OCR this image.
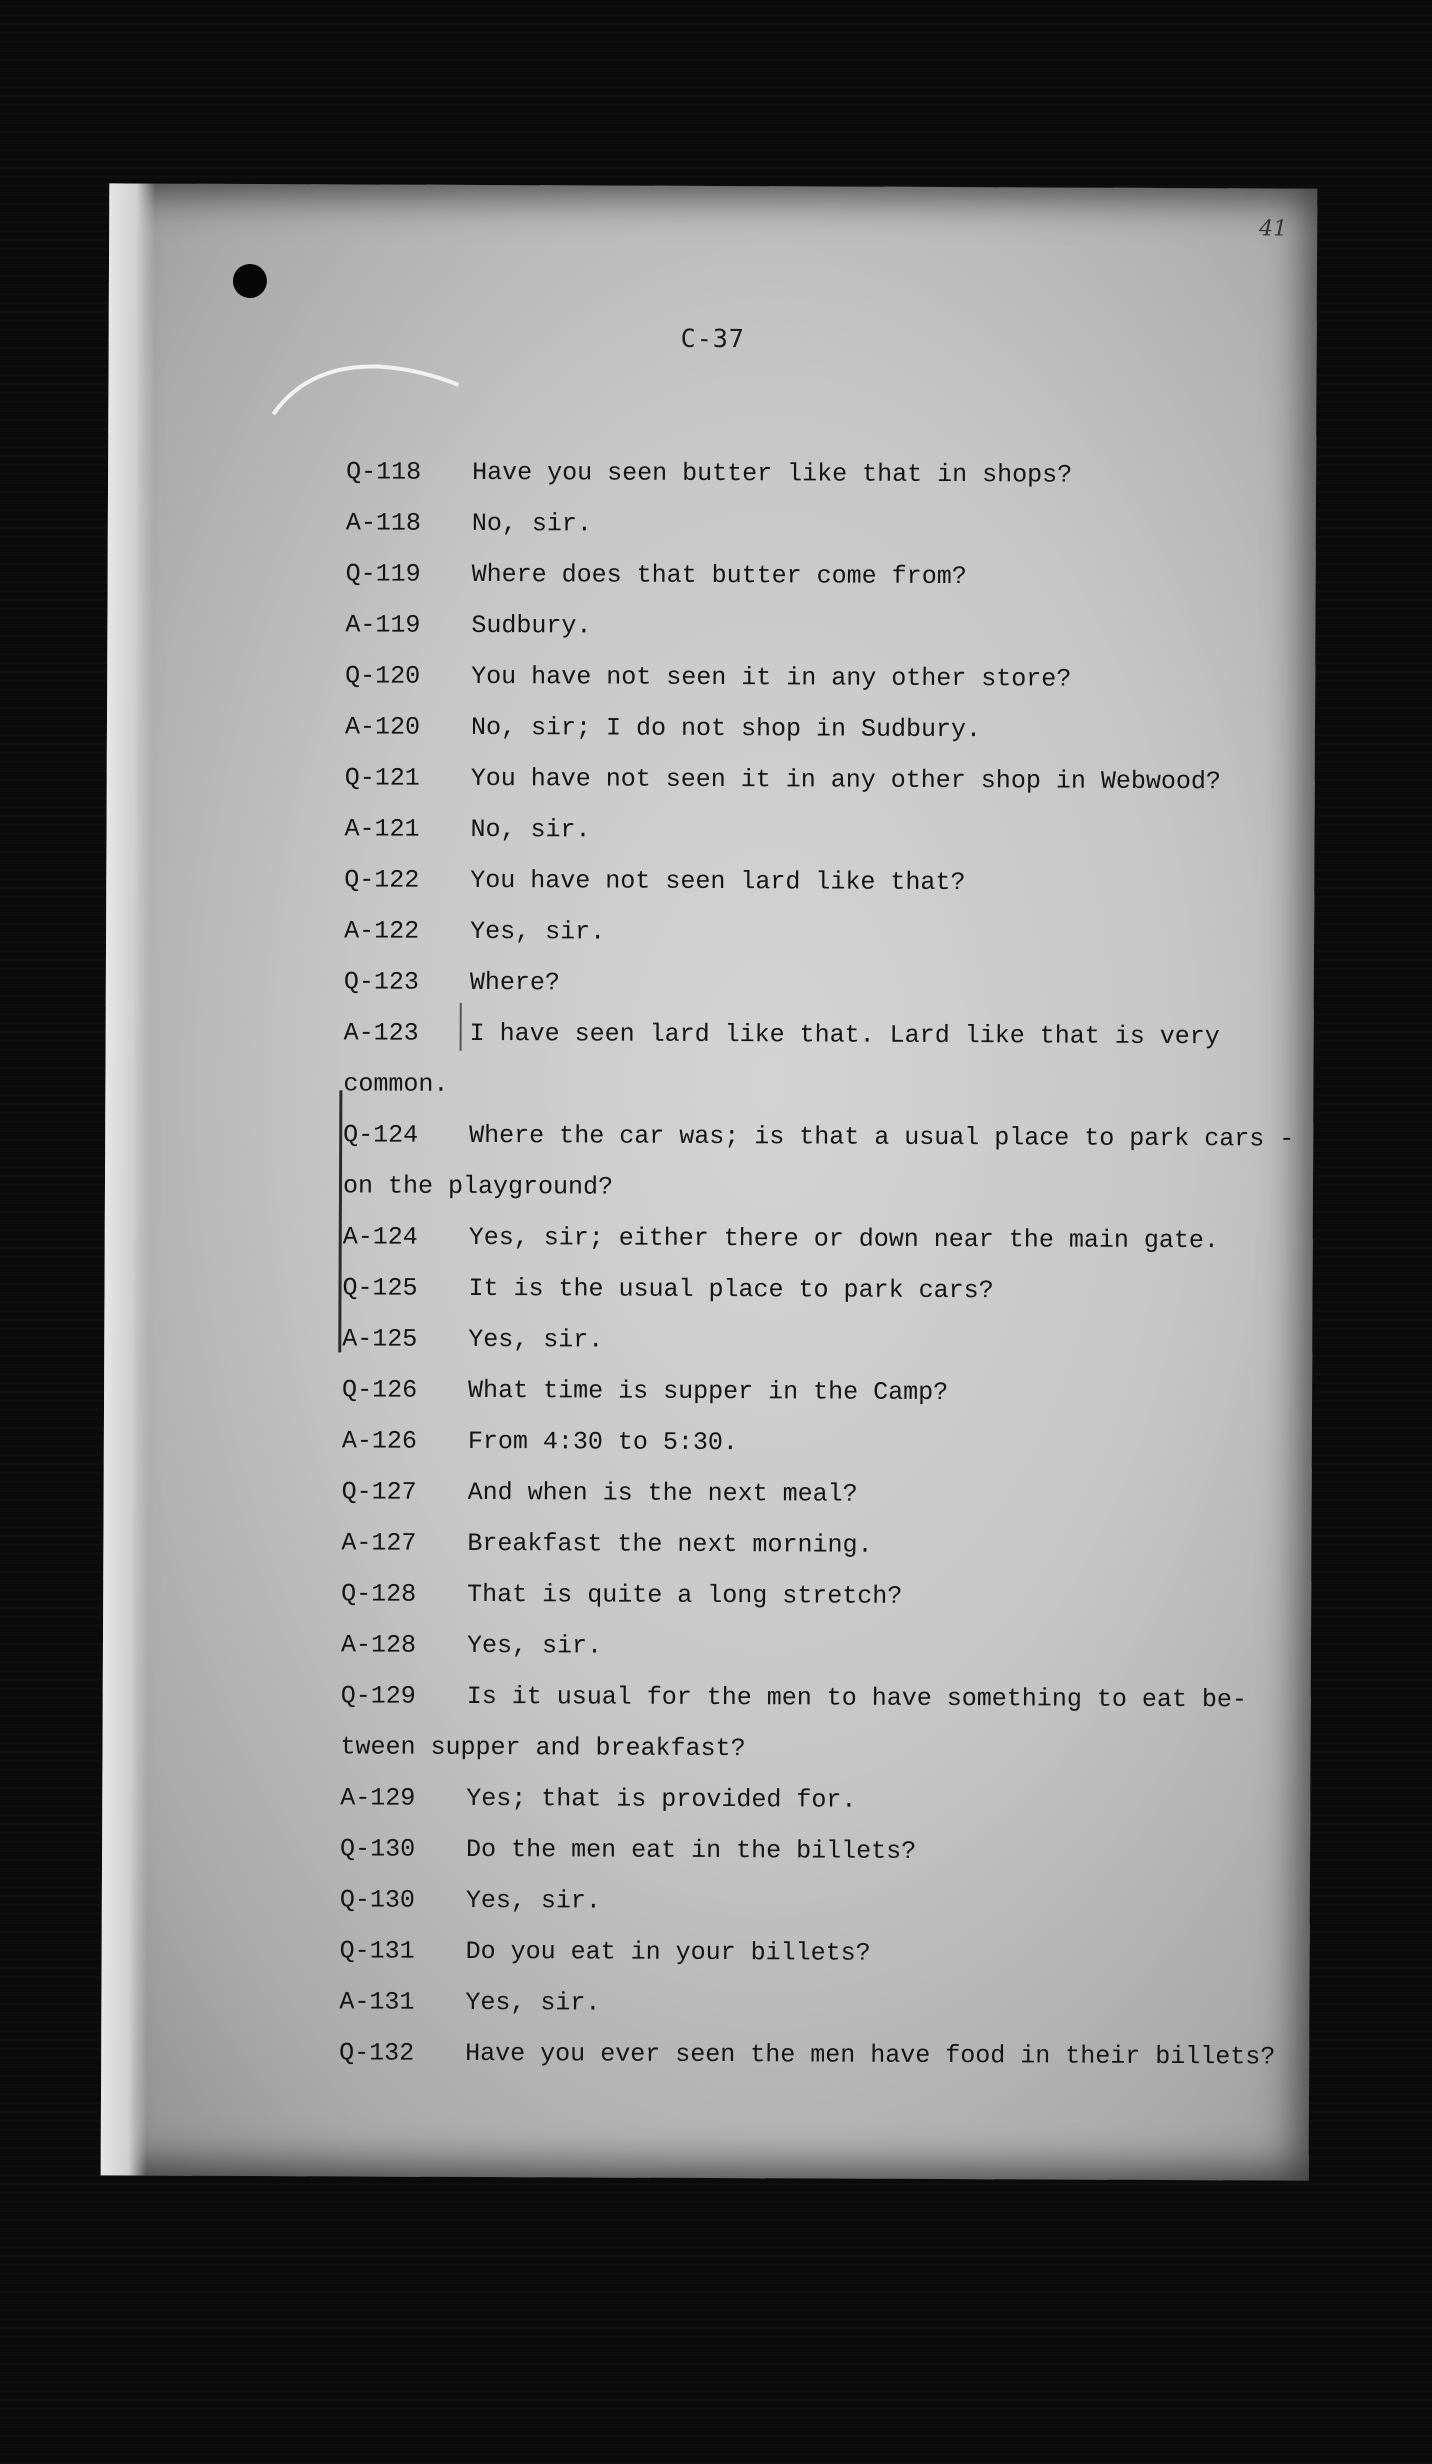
41
C-37
Q-118	Have you seen butter like that in shops?
A-118	No, sir.
Q-119	Where does that butter come from?
A-119	Sudbury.
Q-120	You have not seen it in any other store?
A-120	No, sir; I do not shop in Sudbury.
Q-121	You have not seen it in any other shop in Webwood?
A-121	No, sir.
Q-122	You have not seen lard like that?
A-122	Yes, sir.
Q-123	Where?
A-123	I have seen lard like that. Lard like that is very
common.
Q-124	Where the car was; is that a usual place to park cars -
on the playground?
A-124	Yes, sir; either there or down near the main gate.
Q-125	It is the usual place to park cars?
A-125	Yes, sir.
Q-126	What time is supper in the Camp?
A-126	From 4:30 to 5:30.
Q-127	And when is the next meal?
A-127	Breakfast the next morning.
Q-128	That is quite a long stretch?
A-128	Yes, sir.
Q-129	Is it usual for the men to have something to eat be-
tween supper and breakfast?
A-129	Yes; that is provided for.
Q-130	Do the men eat in the billets?
Q-130	Yes, sir.
Q-131	Do you eat in your billets?
A-131	Yes, sir.
Q-132	Have you ever seen the men have food in their billets?
